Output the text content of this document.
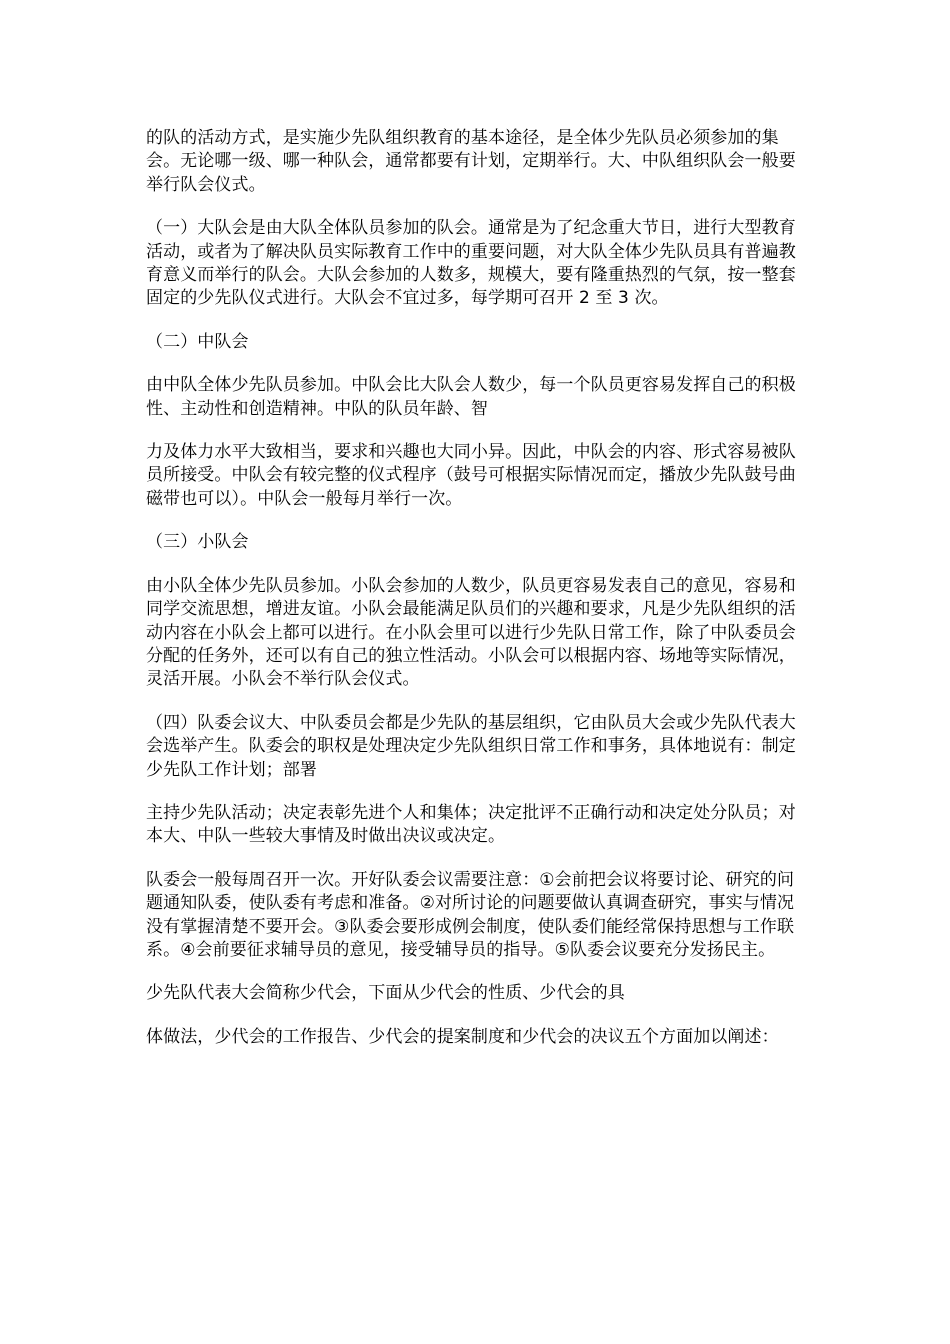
的队的活动方式，是实施少先队组织教育的基本途径，是全体少先队员必须参加的集会。无论哪一级、哪一种队会，通常都要有计划，定期举行。大、中队组织队会一般要举行队会仪式。

（一）大队会是由大队全体队员参加的队会。通常是为了纪念重大节日，进行大型教育活动，或者为了解决队员实际教育工作中的重要问题，对大队全体少先队员具有普遍教育意义而举行的队会。大队会参加的人数多，规模大，要有隆重热烈的气氛，按一整套固定的少先队仪式进行。大队会不宜过多，每学期可召开 2 至 3 次。

（二）中队会

由中队全体少先队员参加。中队会比大队会人数少，每一个队员更容易发挥自己的积极性、主动性和创造精神。中队的队员年龄、智

力及体力水平大致相当，要求和兴趣也大同小异。因此，中队会的内容、形式容易被队员所接受。中队会有较完整的仪式程序（鼓号可根据实际情况而定，播放少先队鼓号曲磁带也可以）。中队会一般每月举行一次。

（三）小队会

由小队全体少先队员参加。小队会参加的人数少，队员更容易发表自己的意见，容易和同学交流思想，增进友谊。小队会最能满足队员们的兴趣和要求，凡是少先队组织的活动内容在小队会上都可以进行。在小队会里可以进行少先队日常工作，除了中队委员会分配的任务外，还可以有自己的独立性活动。小队会可以根据内容、场地等实际情况，灵活开展。小队会不举行队会仪式。

（四）队委会议大、中队委员会都是少先队的基层组织，它由队员大会或少先队代表大会选举产生。队委会的职权是处理决定少先队组织日常工作和事务，具体地说有：制定少先队工作计划；部署

主持少先队活动；决定表彰先进个人和集体；决定批评不正确行动和决定处分队员；对本大、中队一些较大事情及时做出决议或决定。

队委会一般每周召开一次。开好队委会议需要注意：①会前把会议将要讨论、研究的问题通知队委，使队委有考虑和准备。②对所讨论的问题要做认真调查研究，事实与情况没有掌握清楚不要开会。③队委会要形成例会制度，使队委们能经常保持思想与工作联系。④会前要征求辅导员的意见，接受辅导员的指导。⑤队委会议要充分发扬民主。

少先队代表大会简称少代会，下面从少代会的性质、少代会的具

体做法，少代会的工作报告、少代会的提案制度和少代会的决议五个方面加以阐述：
